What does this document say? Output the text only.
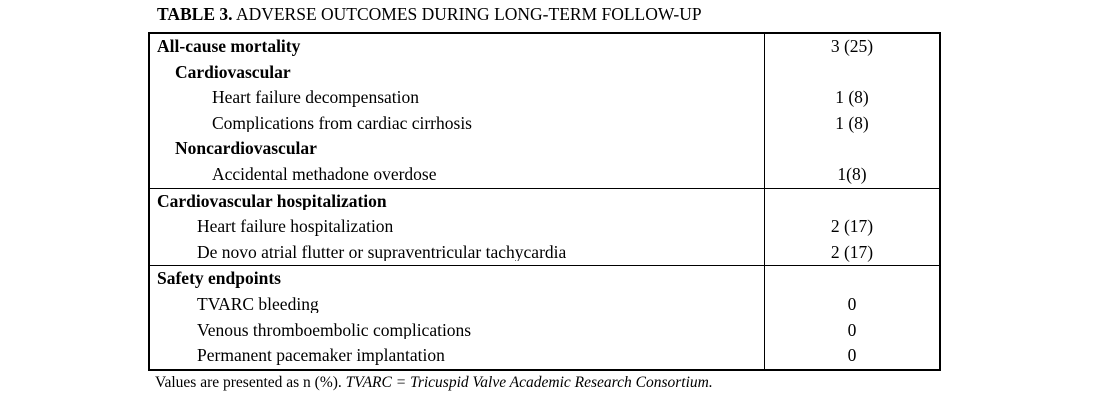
TABLE 3. ADVERSE OUTCOMES DURING LONG-TERM FOLLOW-UP
All-cause mortality	3 (25)
Cardiovascular
Heart failure decompensation	1 (8)
Complications from cardiac cirrhosis	1 (8)
Noncardiovascular
Accidental methadone overdose	1(8)
Cardiovascular hospitalization
Heart failure hospitalization	2 (17)
De novo atrial flutter or supraventricular tachycardia	2 (17)
Safety endpoints
TVARC bleeding	0
Venous thromboembolic complications	0
Permanent pacemaker implantation	0
Values are presented as n (%). TVARC = Tricuspid Valve Academic Research Consortium.
